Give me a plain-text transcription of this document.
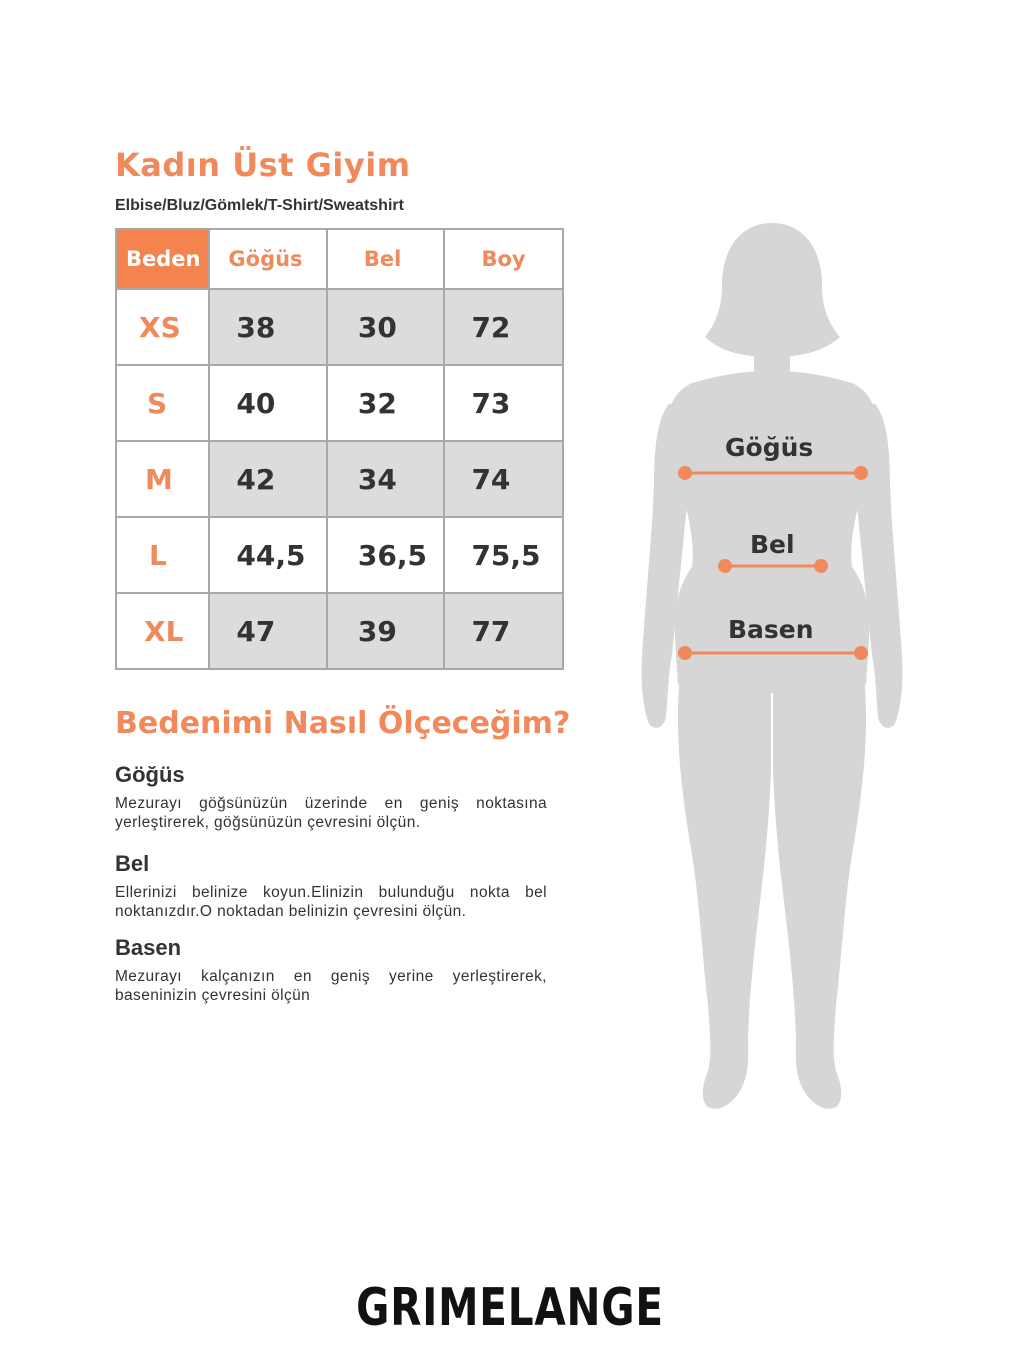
Kadın Üst Giyim
Elbise/Bluz/Gömlek/T-Shirt/Sweatshirt
Beden	Göğüs	Bel	Boy
XS	38	30	72
S	40	32	73
M	42	34	74
L	44,5	36,5	75,5
XL	47	39	77
Bedenimi Nasıl Ölçeceğim?
Göğüs

Mezurayı göğsünüzün üzerinde en geniş noktasına yerleştirerek, göğsünüzün çevresini ölçün.

Bel

Ellerinizi belinize koyun.Elinizin bulunduğu nokta bel noktanızdır.O noktadan belinizin çevresini ölçün.

Basen

Mezurayı kalçanızın en geniş yerine yerleştirerek, baseninizin çevresini ölçün

Göğüs
Bel
Basen
GRIMELANGE
